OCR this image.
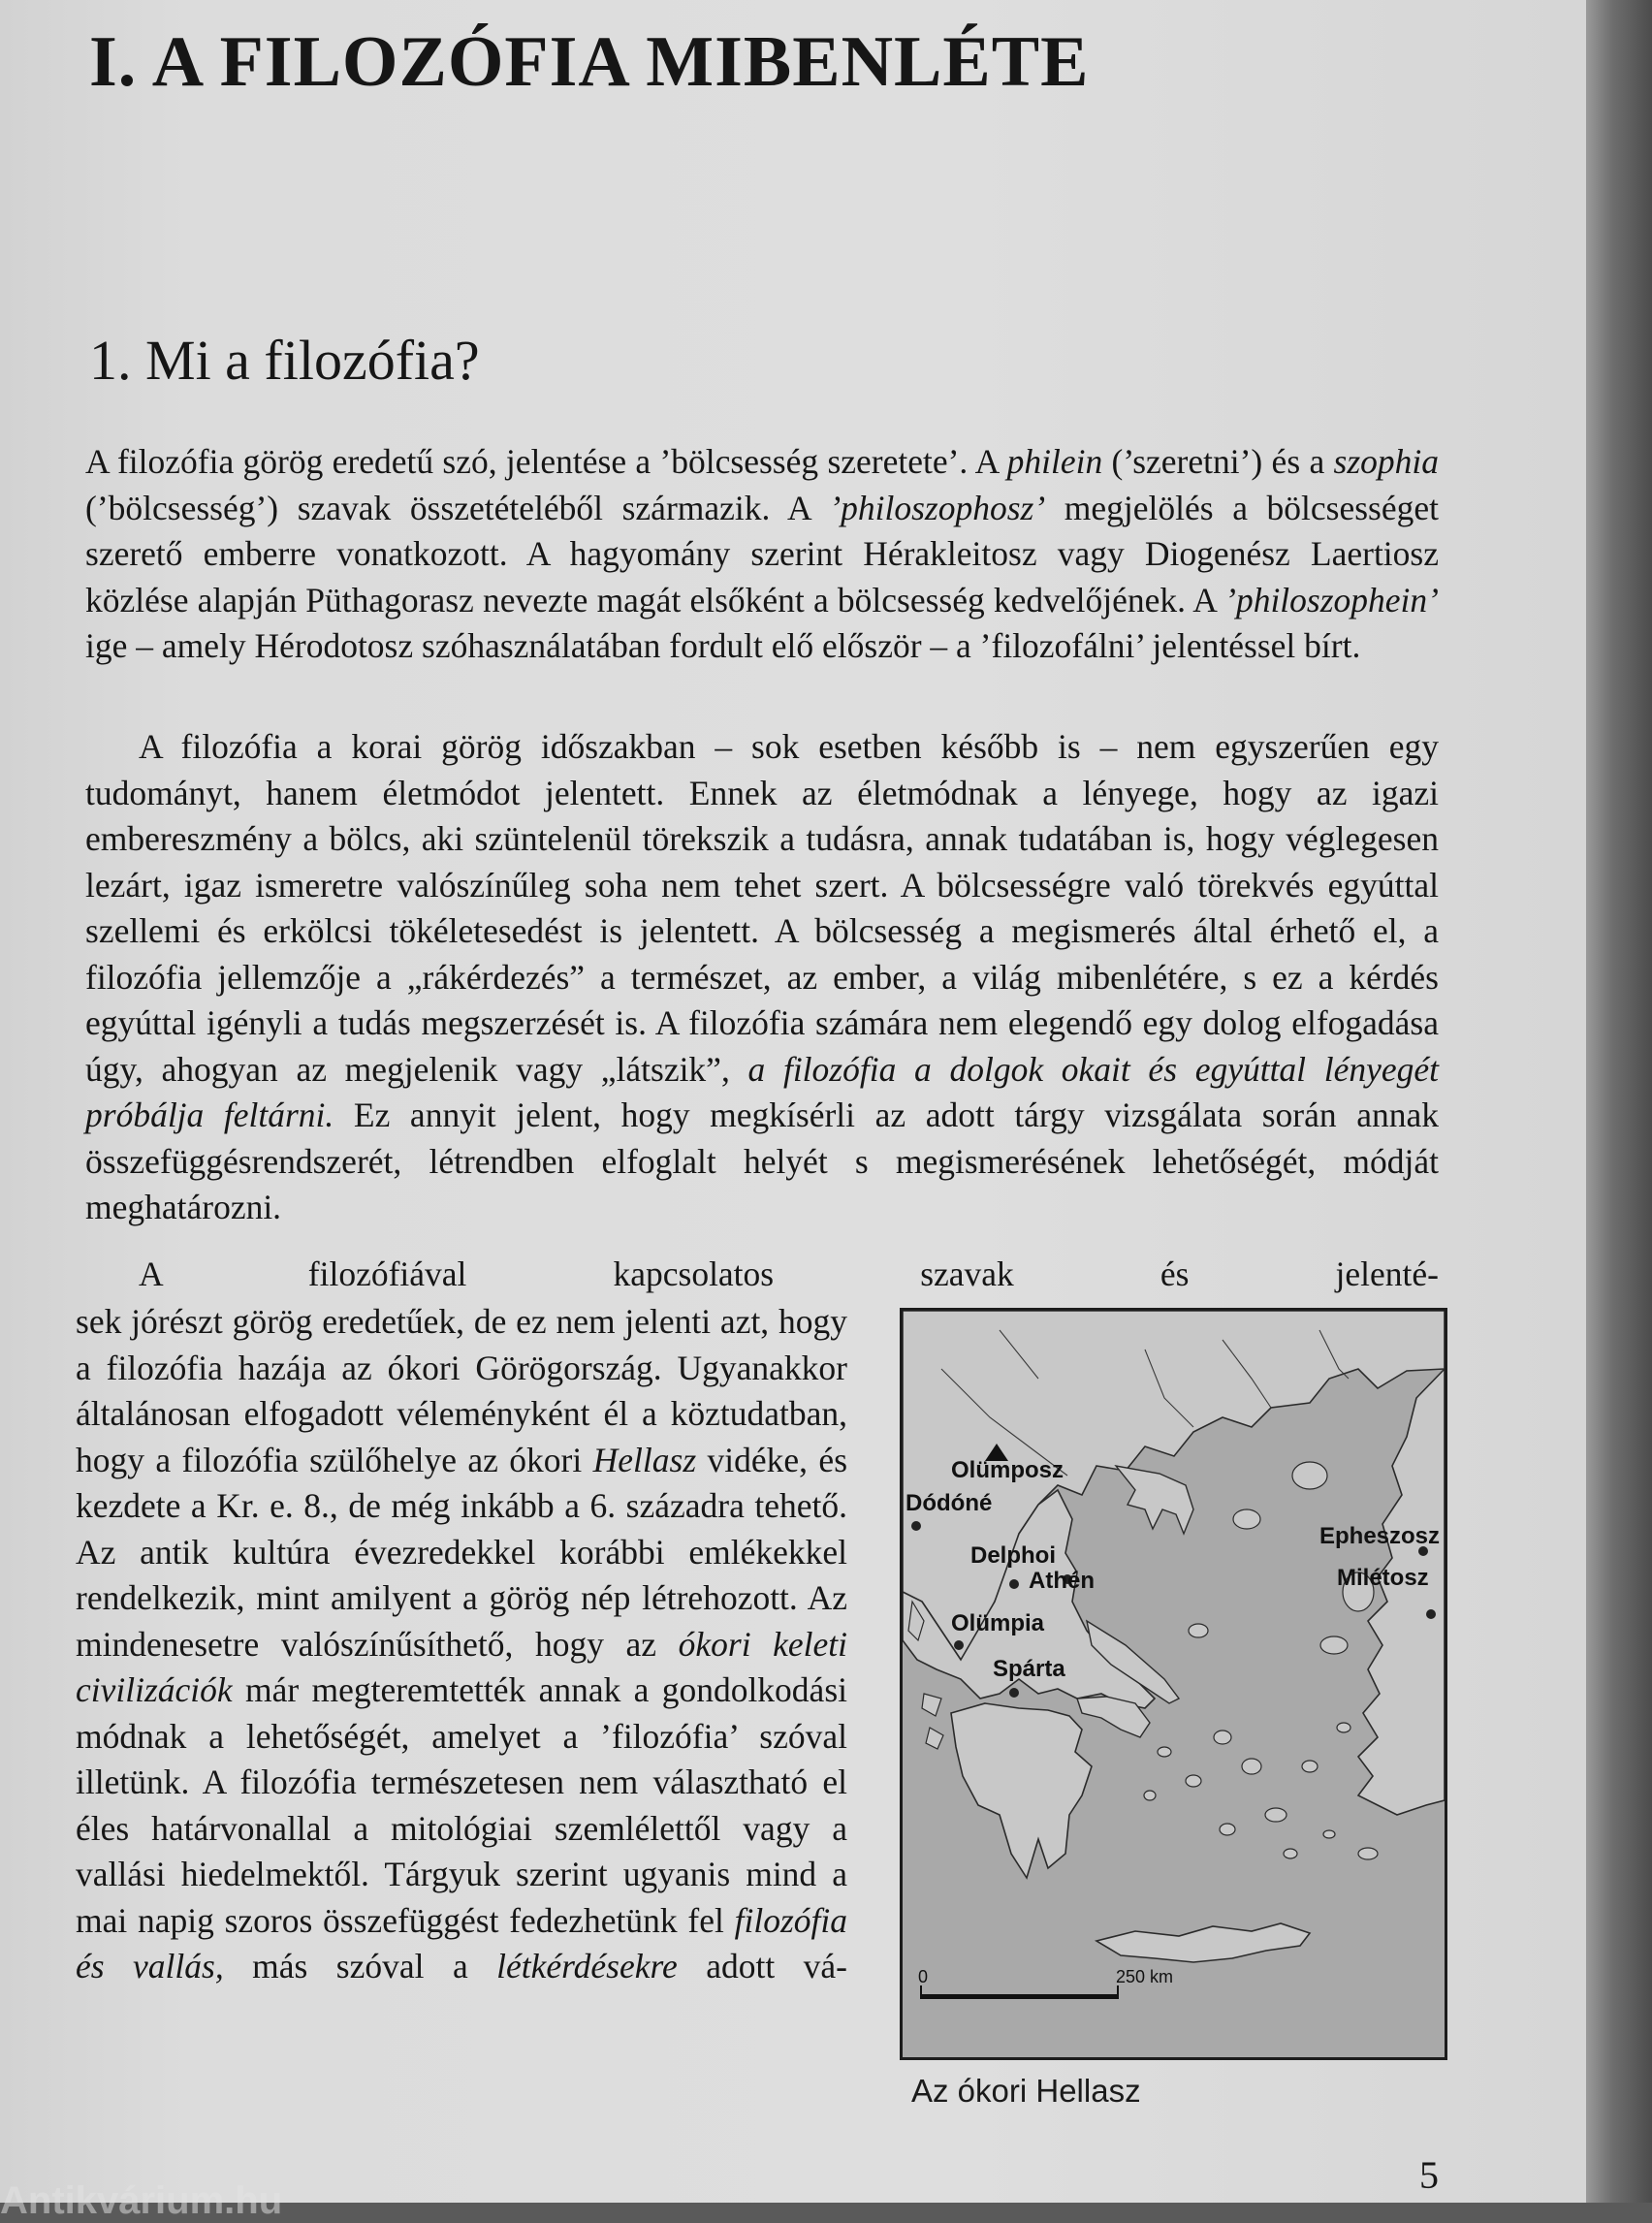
I. A FILOZÓFIA MIBENLÉTE
1. Mi a filozófia?

A filozófia görög eredetű szó, jelentése a ’bölcsesség szeretete’. A philein (’szeretni’) és a szophia (’bölcsesség’) szavak összetételéből származik. A ’philoszophosz’ megjelölés a bölcsességet szerető emberre vonatkozott. A hagyomány szerint Hérakleitosz vagy Diogenész Laertiosz közlése alapján Püthagorasz nevezte magát elsőként a bölcsesség kedvelőjének. A ’philoszophein’ ige – amely Hérodotosz szóhasználatában fordult elő először – a ’filozofálni’ jelentéssel bírt.

A filozófia a korai görög időszakban – sok esetben később is – nem egyszerűen egy tudományt, hanem életmódot jelentett. Ennek az életmódnak a lényege, hogy az igazi embereszmény a bölcs, aki szüntelenül törekszik a tudásra, annak tudatában is, hogy véglegesen lezárt, igaz ismeretre valószínűleg soha nem tehet szert. A bölcsességre való törekvés egyúttal szellemi és erkölcsi tökéletesedést is jelentett. A bölcsesség a megismerés által érhető el, a filozófia jellemzője a „rákérdezés” a természet, az ember, a világ mibenlétére, s ez a kérdés egyúttal igényli a tudás megszerzését is. A filozófia számára nem elegendő egy dolog elfogadása úgy, ahogyan az megjelenik vagy „látszik”, a filozófia a dolgok okait és egyúttal lényegét próbálja feltárni. Ez annyit jelent, hogy megkísérli az adott tárgy vizsgálata során annak összefüggésrendszerét, létrendben elfoglalt helyét s megismerésének lehetőségét, módját meghatározni.

A filozófiával kapcsolatos szavak és jelenté-

sek jórészt görög eredetűek, de ez nem jelenti azt, hogy a filozófia hazája az ókori Görögország. Ugyanakkor általánosan elfogadott véleményként él a köztudatban, hogy a filozófia szülőhelye az ókori Hellasz vidéke, és kezdete a Kr. e. 8., de még inkább a 6. századra tehető. Az antik kultúra évezredekkel korábbi emlékekkel rendelkezik, mint amilyent a görög nép létrehozott. Az mindenesetre valószínűsíthető, hogy az ókori keleti civilizációk már megteremtették annak a gondolkodási módnak a lehetőségét, amelyet a ’filozófia’ szóval illetünk. A filozófia természetesen nem választható el éles határvonallal a mitológiai szemlélettől vagy a vallási hiedelmektől. Tárgyuk szerint ugyanis mind a mai napig szoros összefüggést fedezhetünk fel filozófia és vallás, más szóval a létkérdésekre adott vá-

Olümposz
Dódóné
Delphoi
Athén
Olümpia
Spárta
Epheszosz
Milétosz
0	250 km

Az ókori Hellasz

5

Antikvárium.hu
